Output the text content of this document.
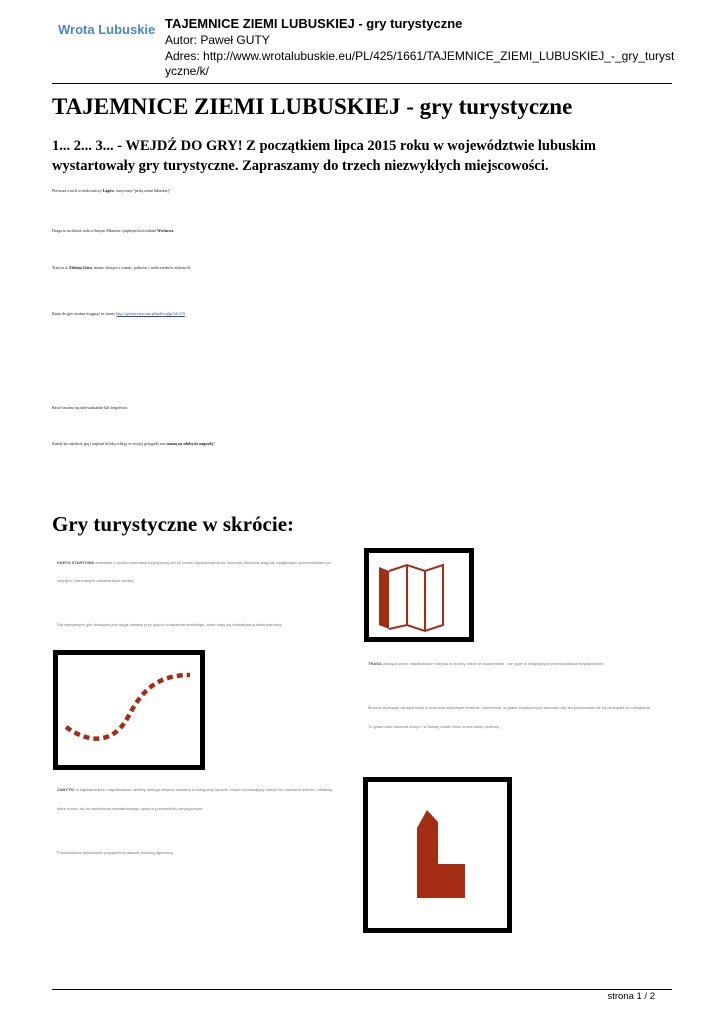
Wrota Lubuskie TAJEMNICE ZIEMI LUBUSKIEJ - gry turystyczne
Autor: Paweł GUTY
Adres: http://www.wrotalubuskie.eu/PL/425/1661/TAJEMNICE_ZIEMI_LUBUSKIEJ_-_gry_turystyczne/k/
TAJEMNICE ZIEMI LUBUSKIEJ - gry turystyczne
1... 2... 3... - WEJDŹ DO GRY! Z początkiem lipca 2015 roku w województwie lubuskim wystartowały gry turystyczne. Zapraszamy do trzech niezwykłych miejscowości.
Pierwsza z nich to malowniczy Łagów, nazywany "perłą ziemi lubuskiej".
Druga to urokliwa stolica Starym Miastem i pięknym kościołami Wschowa.
Trzecia to Zielona Góra, miasto słynące z winnic, pałaców i wielu terenów zielonych.
Karty do gier można ściągnąć ze strony http://grytturystyczne.pl/index.php?id=119
Bawić można się indywidualnie lub zespołowo.
Każdy kto ukończy grę i napisze krótką relację ze swojej przygody ma szansę na zdobycie nagrody!
Gry turystyczne w skrócie:
KARTA STARTOWA zostanaie z punktu informacji turystycznej lub po prostu wydrukowania na domowej drukarce stają się wyjątkowym przewodnikiem po
znanych i nieznanych zakamarkach okolicy.
Dla wytrwanych gier dostępna jest opcja zabawy przy użyciu urządzenia mobilnego, które stają się interaktywną kartą startową.
TRASA wiodąca przez najciekawsze miejsca w okolicy, także te zapomniane - nie ujęte w tradycyjnych przewodnikach turystycznych.
Możesz wyruszyć na wędrówkę w dowolnie wybranym terminie i momencie, w grach turystycznych animator czy też przewodnik nie są niezbędni do rozegrania.
Tu grasz sam narzucia tempo i w każdej chwili może zrobić sobie przerwę.
ZABYTKI to najważniejsze i najciekawsze obiekty danego miejsca ukazane w nietypowy sposób, często pozwalający odkryć ich nieznane oblicze i niekiedy,
które trudno się do zwiedzenia standardowego opisu w przewodniku turystycznym.
Poszukiwania wskazówek przypomina zawsze ciekawą tajemnicę.
strona 1 / 2
